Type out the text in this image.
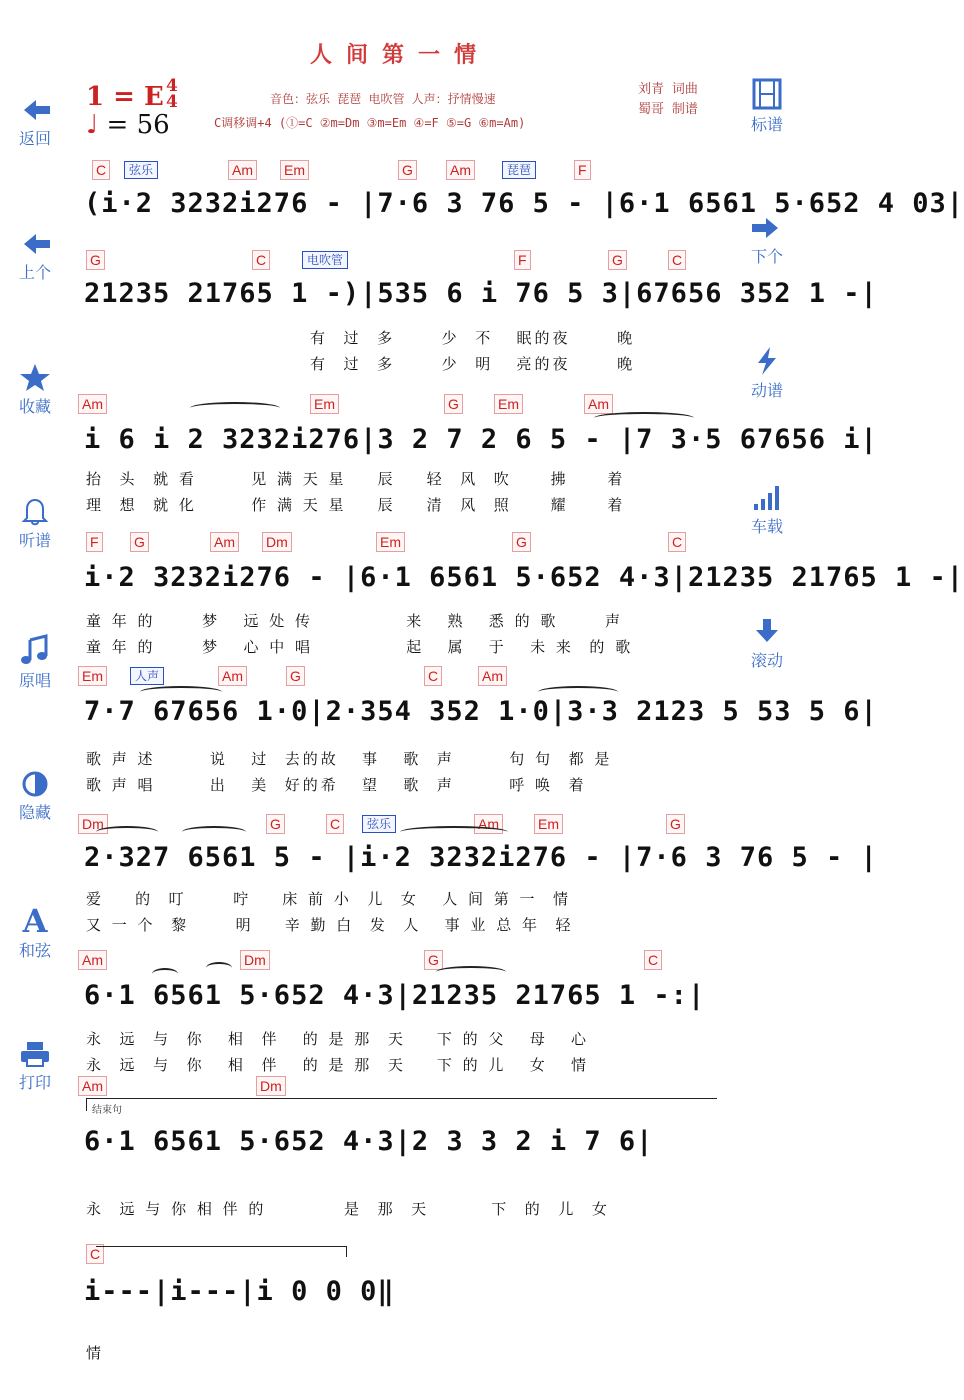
人间第一情
1 = E 4
4
♩ = 56
音色：弦乐 琵琶 电吹管 人声：抒情慢速
C调移调+4 (①=C ②m=Dm ③m=Em ④=F ⑤=G ⑥m=Am)
刘青 词曲
蜀哥 制谱
返回
上个
收藏
听谱
原唱
隐藏
A
和弦
打印
标谱
下个
动谱
车载
滚动
C	弦乐	Am Em	G	Am	琵琶	F
(i·2 3232i276 - |7·6 3 76 5 - |6·1 6561 5·652 4 03|
G	C	电吹管	F	G	C
21235 21765 1 -)|535 6 i 76 5 3|67656 352 1 -|
有  过  多      少  不   眠的夜      晚
有  过  多      少  明   亮的夜      晚
Am	Em	G	Em	Am
i 6 i 2 3232i276|3 2 7 2 6 5 - |7 3·5 67656 i|
抬  头  就 看       见 满 天 星    辰    轻  风  吹     拂     着
理  想  就 化       作 满 天 星    辰    清  风  照     耀     着
F	G	Am Dm	Em	G	C
i·2 3232i276 - |6·1 6561 5·652 4·3|21235 21765 1 -|
童 年 的      梦   远 处 传            来   熟   悉 的 歌      声
童 年 的      梦   心 中 唱            起   属   于   未 来  的 歌
Em	人声	Am	G	C	Am
7·7 67656 1·0|2·354 352 1·0|3·3 2123 5 53 5 6|
歌 声 述       说   过  去的故   事   歌  声       句 句  都 是
歌 声 唱       出   美  好的希   望   歌  声       呼 唤  着
Dm	G	C	弦乐	Am	Em	G
2·327 6561 5 - |i·2 3232i276 - |7·6 3 76 5 - |
爱    的  叮      咛    床 前 小  儿  女   人 间 第 一  情
又 一 个  黎      明    辛 勤 白  发  人   事 业 总 年  轻
Am	Dm	G	C
6·1 6561 5·652 4·3|21235 21765 1 -:|
永  远  与  你   相  伴   的 是 那  天    下 的 父   母   心
永  远  与  你   相  伴   的 是 那  天    下 的 儿   女   情
Am	Dm
结束句
6·1 6561 5·652 4·3|2 3 3 2 i 7 6|
永  远 与 你 相 伴 的          是  那  天        下  的  儿  女
C
i---|i---|i 0 0 0‖
情
